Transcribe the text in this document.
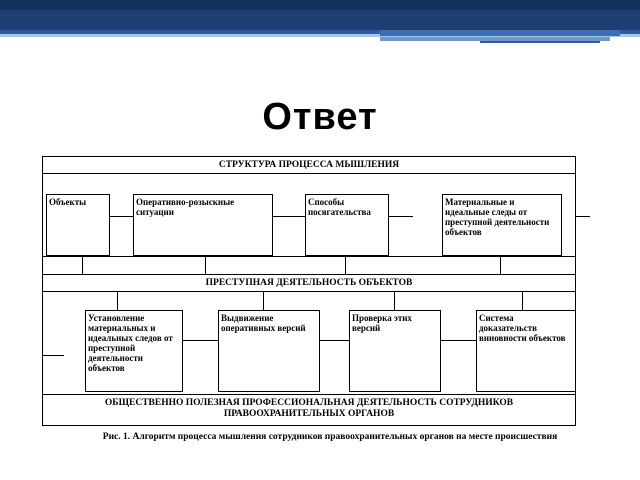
Ответ
СТРУКТУРА ПРОЦЕССА МЫШЛЕНИЯ
Объекты	Оперативно-розыскные ситуации
Способы посягательства
Материальные и идеальные следы от преступной деятельности объектов
ПРЕСТУПНАЯ ДЕЯТЕЛЬНОСТЬ ОБЪЕКТОВ
Установление материальных и идеальных следов от преступной деятельности объектов
Выдвижение оперативных версий
Проверка этих версий
Система доказательств виновности объектов
ОБЩЕСТВЕННО ПОЛЕЗНАЯ ПРОФЕССИОНАЛЬНАЯ ДЕЯТЕЛЬНОСТЬ СОТРУДНИКОВ ПРАВООХРАНИТЕЛЬНЫХ ОРГАНОВ
Рис. 1. Алгоритм процесса мышления сотрудников правоохранительных органов на месте происшествия
